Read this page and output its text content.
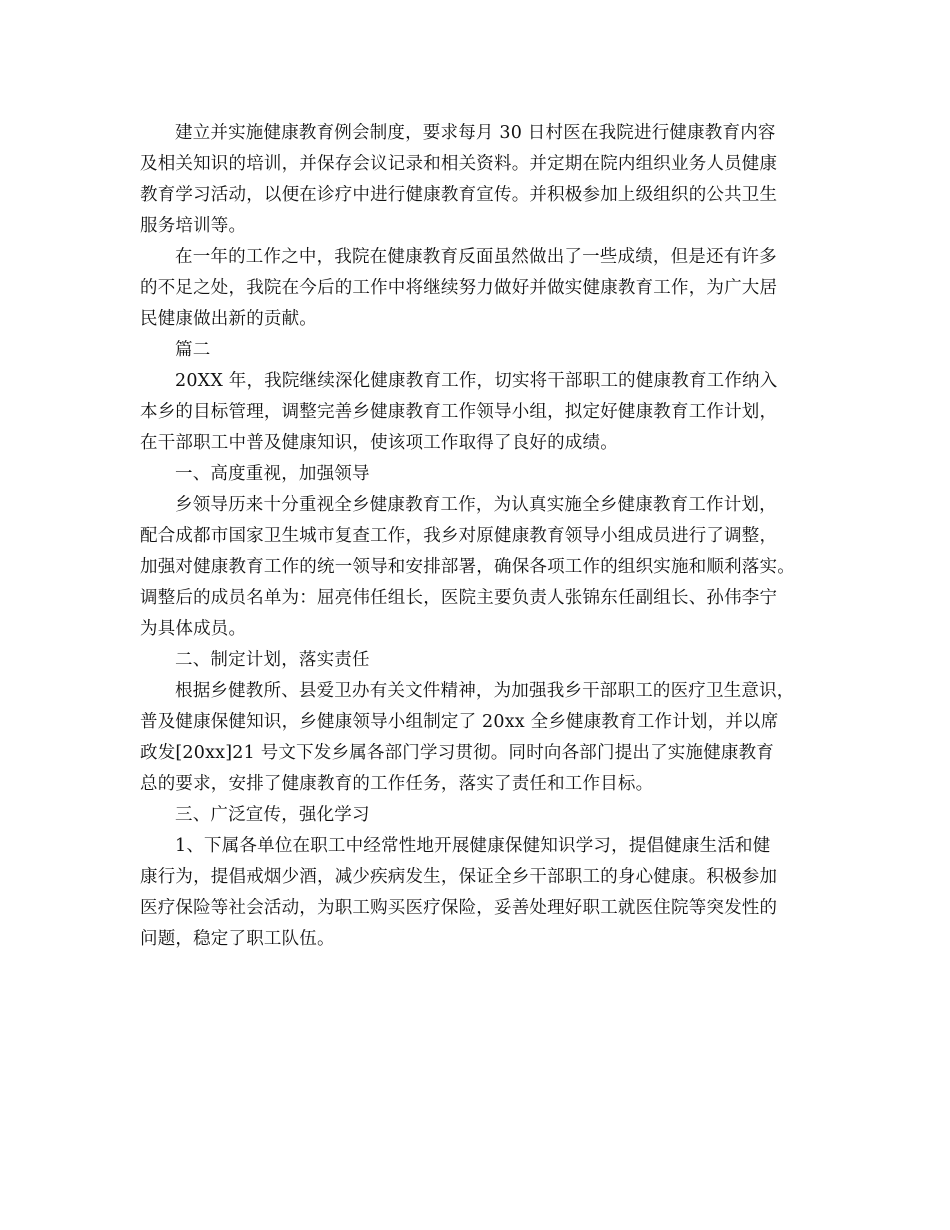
建立并实施健康教育例会制度，要求每月 30 日村医在我院进行健康教育内容
及相关知识的培训，并保存会议记录和相关资料。并定期在院内组织业务人员健康
教育学习活动，以便在诊疗中进行健康教育宣传。并积极参加上级组织的公共卫生
服务培训等。

在一年的工作之中，我院在健康教育反面虽然做出了一些成绩，但是还有许多
的不足之处，我院在今后的工作中将继续努力做好并做实健康教育工作，为广大居
民健康做出新的贡献。

篇二

20XX 年，我院继续深化健康教育工作，切实将干部职工的健康教育工作纳入
本乡的目标管理，调整完善乡健康教育工作领导小组，拟定好健康教育工作计划，
在干部职工中普及健康知识，使该项工作取得了良好的成绩。

一、高度重视，加强领导

乡领导历来十分重视全乡健康教育工作，为认真实施全乡健康教育工作计划，
配合成都市国家卫生城市复查工作，我乡对原健康教育领导小组成员进行了调整，
加强对健康教育工作的统一领导和安排部署，确保各项工作的组织实施和顺利落实。
调整后的成员名单为：屈亮伟任组长，医院主要负责人张锦东任副组长、孙伟李宁
为具体成员。

二、制定计划，落实责任

根据乡健教所、县爱卫办有关文件精神，为加强我乡干部职工的医疗卫生意识，
普及健康保健知识，乡健康领导小组制定了 20xx 全乡健康教育工作计划，并以席
政发[20xx]21 号文下发乡属各部门学习贯彻。同时向各部门提出了实施健康教育
总的要求，安排了健康教育的工作任务，落实了责任和工作目标。

三、广泛宣传，强化学习

1、下属各单位在职工中经常性地开展健康保健知识学习，提倡健康生活和健
康行为，提倡戒烟少酒，减少疾病发生，保证全乡干部职工的身心健康。积极参加
医疗保险等社会活动，为职工购买医疗保险，妥善处理好职工就医住院等突发性的
问题，稳定了职工队伍。
